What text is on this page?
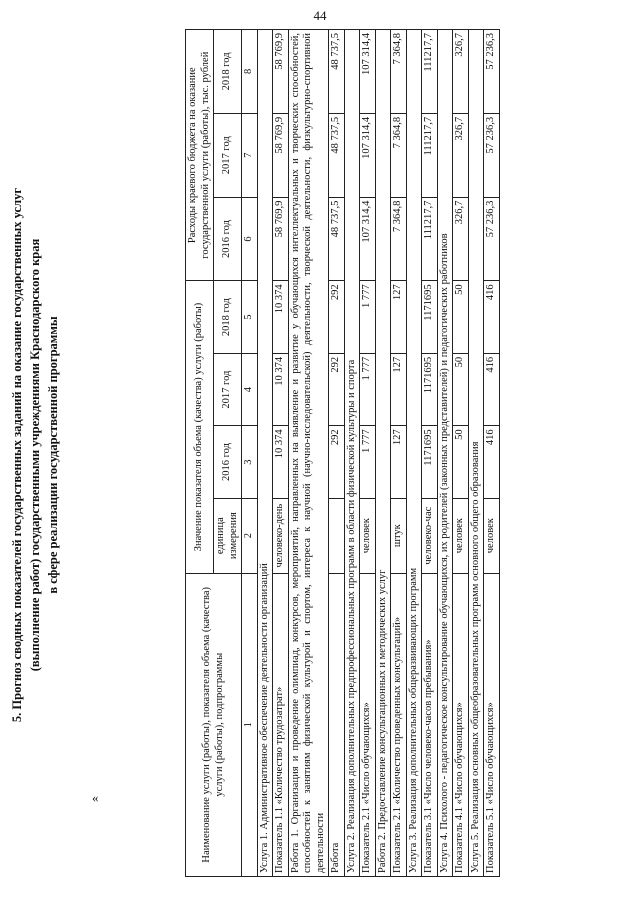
44
«
5. Прогноз сводных показателей государственных заданий на оказание государственных услуг (выполнение работ) государственными учреждениями Краснодарского края в сфере реализации государственной программы
Наименование услуги (работы), показателя объема (качества) услуги (работы), подпрограммы	Значение показателя объема (качества) услуги (работы)				Расходы краевого бюджета на оказание государственной услуги (работы), тыс. рублей		
	единица измерения	2016 год	2017 год	2018 год	2016 год	2017 год	2018 год
1	2	3	4	5	6	7	8
Услуга 1. Административное обеспечение деятельности организаций							
Показатель 1.1 «Количество трудозатрат»	человеко-день	10 374	10 374	10 374	58 769,9	58 769,9	58 769,9
Работа 1. Организация и проведение олимпиад, конкурсов, мероприятий, направленных на выявление и развитие у обучающихся интеллектуальных и творческих способностей, способностей к занятиям физической культурой и спортом, интереса к научной (научно-исследовательской) деятельности, творческой деятельности, физкультурно-спортивной деятельности							
Работа		292	292	292	48 737,5	48 737,5	48 737,5
Услуга 2. Реализация дополнительных предпрофессиональных программ в области физической культуры и спорта							
Показатель 2.1 «Число обучающихся»	человек	1 777	1 777	1 777	107 314,4	107 314,4	107 314,4
Работа 2. Предоставление консультационных и методических услуг							
Показатель 2.1 «Количество проведенных консультаций»	штук	127	127	127	7 364,8	7 364,8	7 364,8
Услуга 3. Реализация дополнительных общеразвивающих программ							
Показатель 3.1 «Число человеко-часов пребывания»	человеко-час	1171695	1171695	1171695	111217,7	111217,7	111217,7
Услуга 4. Психолого - педагогическое консультирование обучающихся, их родителей (законных представителей) и педагогических работников							
Показатель 4.1 «Число обучающихся»	человек	50	50	50	326,7	326,7	326,7
Услуга 5. Реализация основных общеобразовательных программ основного общего образования							
Показатель 5.1 «Число обучающихся»	человек	416	416	416	57 236,3	57 236,3	57 236,3
